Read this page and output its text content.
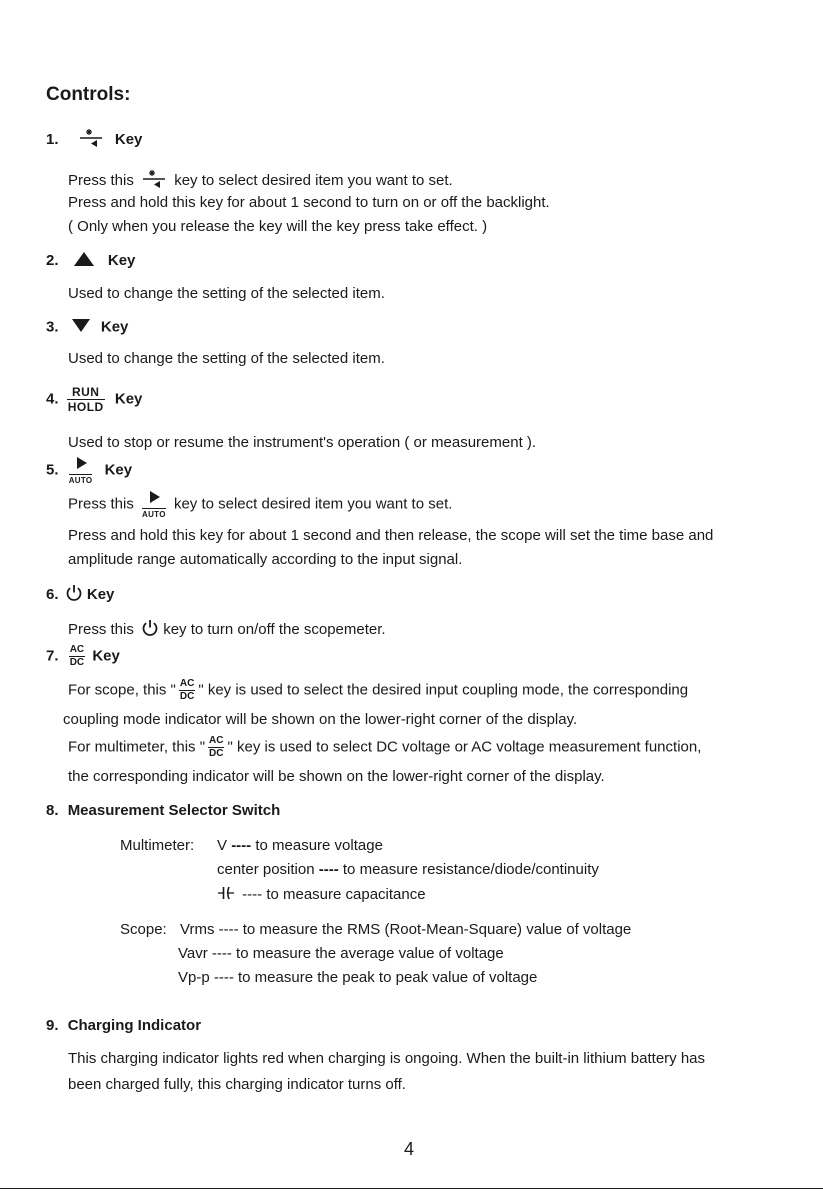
Controls:
1.	Key
Press this	key to select desired item you want to set.
Press and hold this key for about 1 second to turn on or off the backlight.
( Only when you release the key will the key press take effect. )
2.	Key
Used to change the setting of the selected item.
3.	Key
Used to change the setting of the selected item.
4. RUN
HOLD Key
Used to stop or resume the instrument's operation ( or measurement ).
5.
AUTO
Key
Press this
AUTO
key to select desired item you want to set.
Press and hold this key for about 1 second and then release, the scope will set the time base and
amplitude range automatically according to the input signal.
6. Key
Press this key to turn on/off the scopemeter.
7. $\frac{AC}{DC}$ Key
For scope, this " $\frac{AC}{DC}$ " key is used to select the desired input coupling mode, the corresponding
coupling mode indicator will be shown on the lower-right corner of the display.
For multimeter, this " $\frac{AC}{DC}$ " key is used to select DC voltage or AC voltage measurement function,
the corresponding indicator will be shown on the lower-right corner of the display.
8. Measurement Selector Switch
Multimeter: V ---- to measure voltage
center position ---- to measure resistance/diode/continuity
---- to measure capacitance
Scope: Vrms ---- to measure the RMS (Root-Mean-Square) value of voltage
Vavr ---- to measure the average value of voltage
Vp-p ---- to measure the peak to peak value of voltage
9. Charging Indicator
This charging indicator lights red when charging is ongoing. When the built-in lithium battery has
been charged fully, this charging indicator turns off.
4
